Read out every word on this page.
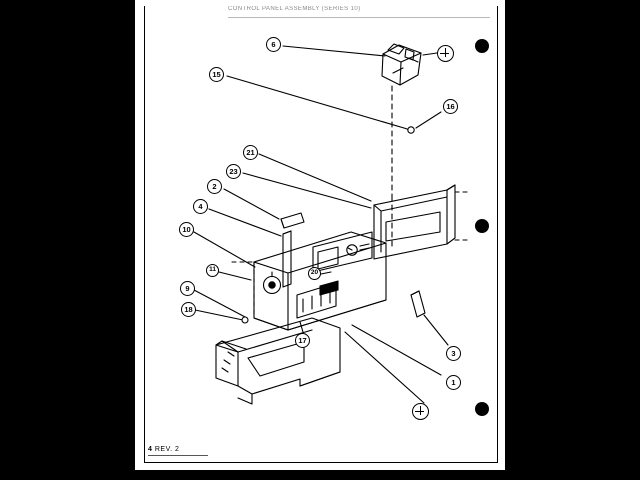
CONTROL PANEL ASSEMBLY (SERIES 10)
6
15
16
21
23
2
4
10
11	20
9
18
17
3
1
4 REV. 2
